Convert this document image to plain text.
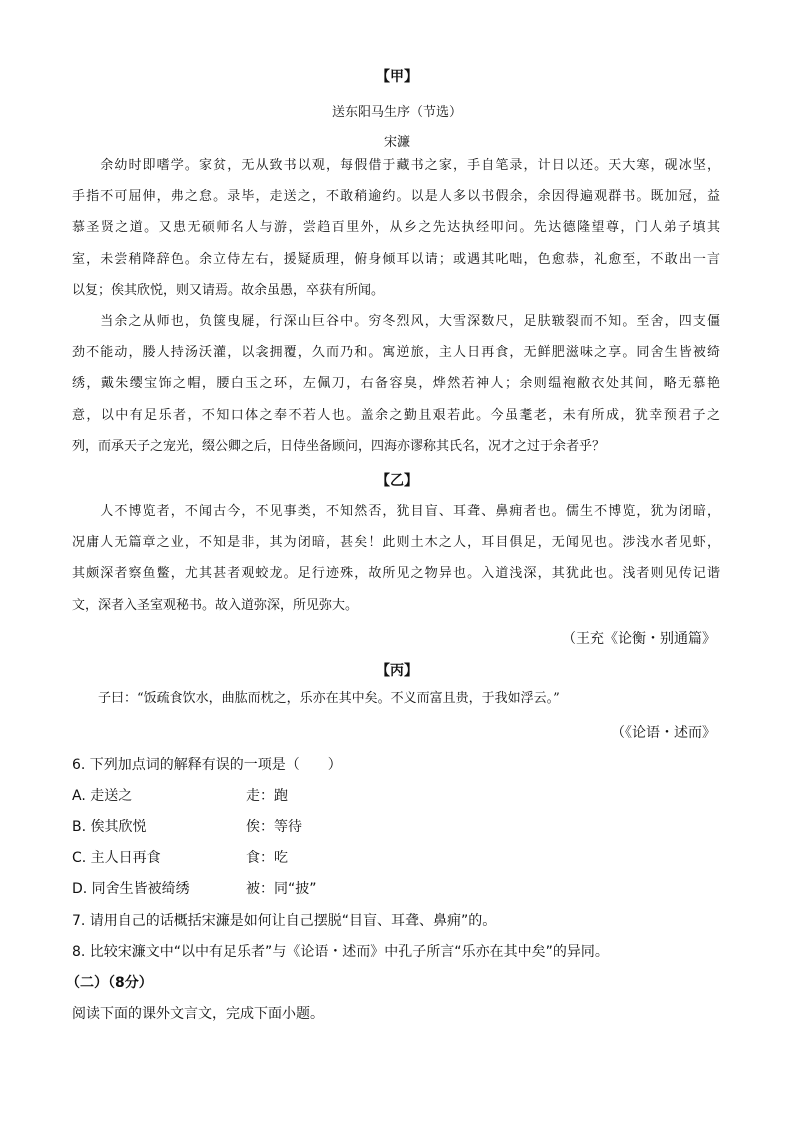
【甲】
送东阳马生序（节选）
宋濂
　　余幼时即嗜学。家贫，无从致书以观，每假借于藏书之家，手自笔录，计日以还。天大寒，砚冰坚，
手指不可屈伸，弗之怠。录毕，走送之，不敢稍逾约。以是人多以书假余，余因得遍观群书。既加冠，益
慕圣贤之道。又患无硕师名人与游，尝趋百里外，从乡之先达执经叩问。先达德隆望尊，门人弟子填其
室，未尝稍降辞色。余立侍左右，援疑质理，俯身倾耳以请；或遇其叱咄，色愈恭，礼愈至，不敢出一言
以复；俟其欣悦，则又请焉。故余虽愚，卒获有所闻。
　　当余之从师也，负箧曳屣，行深山巨谷中。穷冬烈风，大雪深数尺，足肤皲裂而不知。至舍，四支僵
劲不能动，媵人持汤沃灌，以衾拥覆，久而乃和。寓逆旅，主人日再食，无鲜肥滋味之享。同舍生皆被绮
绣，戴朱缨宝饰之帽，腰白玉之环，左佩刀，右备容臭，烨然若神人；余则缊袍敝衣处其间，略无慕艳
意，以中有足乐者，不知口体之奉不若人也。盖余之勤且艰若此。今虽耄老，未有所成，犹幸预君子之
列，而承天子之宠光，缀公卿之后，日侍坐备顾问，四海亦谬称其氏名，况才之过于余者乎？
【乙】
　　人不博览者，不闻古今，不见事类，不知然否，犹目盲、耳聋、鼻痈者也。儒生不博览，犹为闭暗，
况庸人无篇章之业，不知是非，其为闭暗，甚矣！此则土木之人，耳目俱足，无闻见也。涉浅水者见虾，
其颇深者察鱼鳖，尤其甚者观蛟龙。足行迹殊，故所见之物异也。入道浅深，其犹此也。浅者则见传记谐
文，深者入圣室观秘书。故入道弥深，所见弥大。
（王充《论衡・别通篇》
【丙】
　　子曰：“饭疏食饮水，曲肱而枕之，乐亦在其中矣。不义而富且贵，于我如浮云。”
（《论语・述而》
6. 下列加点词的解释有误的一项是（　　）
A. 走送之	走：跑
B. 俟其欣悦	俟：等待
C. 主人日再食	食：吃
D. 同舍生皆被绮绣	被：同“披”
7. 请用自己的话概括宋濂是如何让自己摆脱“目盲、耳聋、鼻痈”的。
8. 比较宋濂文中“以中有足乐者”与《论语・述而》中孔子所言“乐亦在其中矣”的异同。
（二）（8分）
阅读下面的课外文言文，完成下面小题。
